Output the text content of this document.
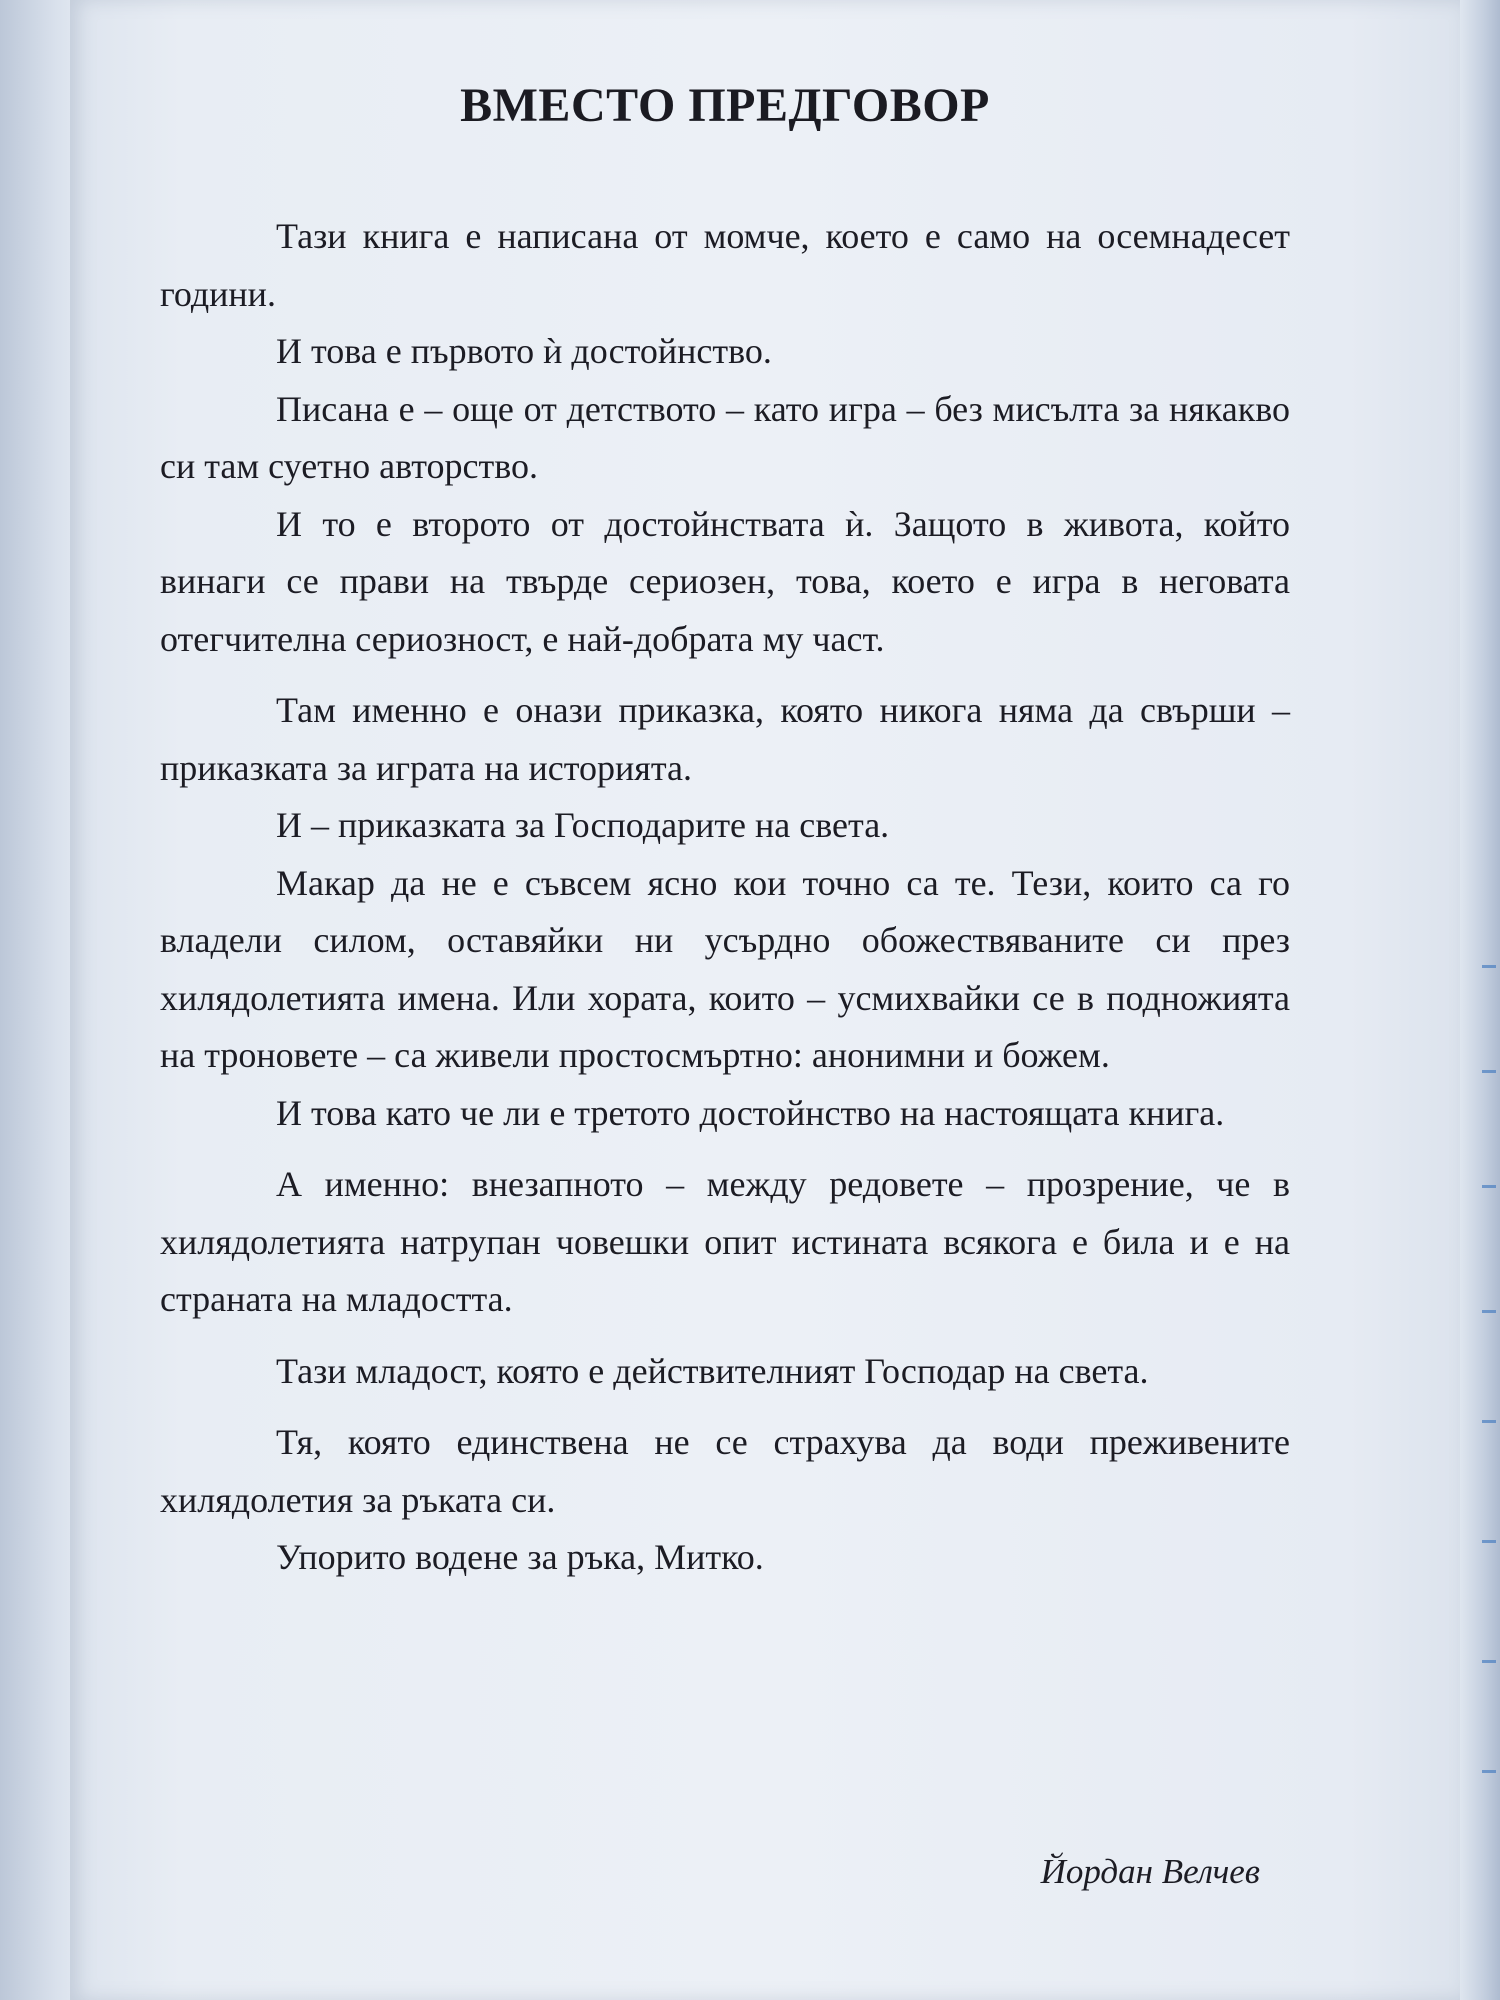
ВМЕСТО ПРЕДГОВОР

Тази книга е написана от момче, което е само на осемнадесет години.

И това е първото ѝ достойнство.

Писана е – още от детството – като игра – без мисълта за някакво си там суетно авторство.

И то е второто от достойнствата ѝ. Защото в живота, който винаги се прави на твърде сериозен, това, което е игра в неговата отегчителна сериозност, е най-добрата му част.

Там именно е онази приказка, която никога няма да свърши – приказката за играта на историята.

И – приказката за Господарите на света.

Макар да не е съвсем ясно кои точно са те. Тези, които са го владели силом, оставяйки ни усърдно обожествяваните си през хилядолетията имена. Или хората, които – усмихвайки се в подножията на троновете – са живели простосмъртно: анонимни и божем.

И това като че ли е третото достойнство на настоящата книга.

А именно: внезапното – между редовете – прозрение, че в хилядолетията натрупан човешки опит истината всякога е била и е на страната на младостта.

Тази младост, която е действителният Господар на света.

Тя, която единствена не се страхува да води преживените хилядолетия за ръката си.

Упорито водене за ръка, Митко.

Йордан Велчев
